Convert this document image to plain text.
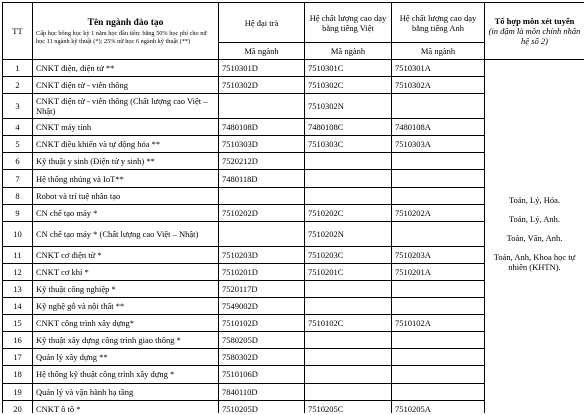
TT	Tên ngành đào tạo
Cấp học bổng học kỳ 1 năm học đầu tiên: bằng 50% học phí cho nữ học 11 ngành kỹ thuật (*); 25% nữ học 6 ngành kỹ thuật (**)	Hệ đại trà	Hệ chất lượng cao dạy bằng tiếng Việt	Hệ chất lượng cao dạy bằng tiếng Anh	Tổ hợp môn xét tuyển
(in đậm là môn chính nhân hệ số 2)

		Mã ngành	Mã ngành	Mã ngành	
1	CNKT điện, điện tử **	7510301D	7510301C	7510301A	Toán, Lý, Hóa.
Toán, Lý, Anh.
Toán, Văn, Anh.
Toán, Anh, Khoa học tự nhiên (KHTN).

2	CNKT điện tử - viễn thông	7510302D	7510302C	7510302A	
3	CNKT điện tử - viễn thông (Chất lượng cao Việt – Nhật)		7510302N		
4	CNKT máy tính	7480108D	7480108C	7480108A	
5	CNKT điều khiển và tự động hóa **	7510303D	7510303C	7510303A	
6	Kỹ thuật y sinh (Điện tử y sinh) **	7520212D			
7	Hệ thống nhúng và IoT**	7480118D			
8	Robot và trí tuệ nhân tạo				
9	CN chế tạo máy *	7510202D	7510202C	7510202A	
10	CN chế tạo máy * (Chất lượng cao Việt – Nhật)		7510202N		
11	CNKT cơ điện tử *	7510203D	7510203C	7510203A	
12	CNKT cơ khí *	7510201D	7510201C	7510201A	
13	Kỹ thuật công nghiệp *	7520117D			
14	Kỹ nghệ gỗ và nội thất **	7549002D			
15	CNKT công trình xây dựng*	7510102D	7510102C	7510102A	
16	Kỹ thuật xây dựng công trình giao thông *	7580205D			
17	Quản lý xây dựng **	7580302D			
18	Hệ thống kỹ thuật công trình xây dựng *	7510106D			
19	Quản lý và vận hành hạ tầng	7840110D			
20	CNKT ô tô *	7510205D	7510205C	7510205A	
